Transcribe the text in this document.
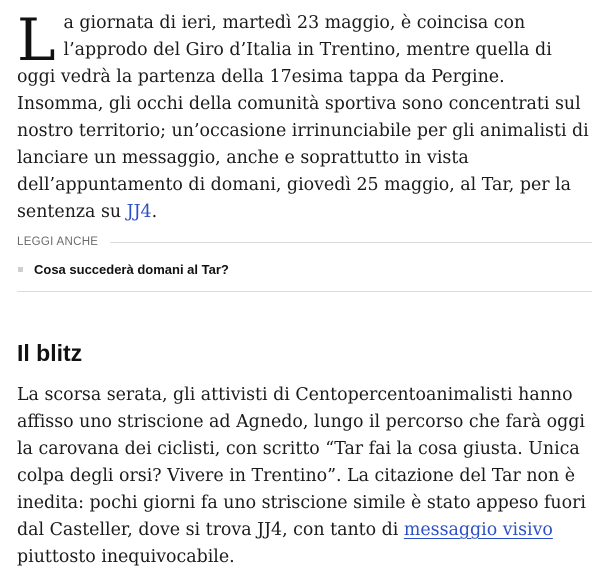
La giornata di ieri, martedì 23 maggio, è coincisa con l’approdo del Giro d’Italia in Trentino, mentre quella di oggi vedrà la partenza della 17esima tappa da Pergine. Insomma, gli occhi della comunità sportiva sono concentrati sul nostro territorio; un’occasione irrinunciabile per gli animalisti di lanciare un messaggio, anche e soprattutto in vista dell’appuntamento di domani, giovedì 25 maggio, al Tar, per la sentenza su JJ4.

LEGGI ANCHE
Cosa succederà domani al Tar?
Il blitz

La scorsa serata, gli attivisti di Centopercentoanimalisti hanno affisso uno striscione ad Agnedo, lungo il percorso che farà oggi la carovana dei ciclisti, con scritto “Tar fai la cosa giusta. Unica colpa degli orsi? Vivere in Trentino”. La citazione del Tar non è inedita: pochi giorni fa uno striscione simile è stato appeso fuori dal Casteller, dove si trova JJ4, con tanto di messaggio visivo piuttosto inequivocabile.
